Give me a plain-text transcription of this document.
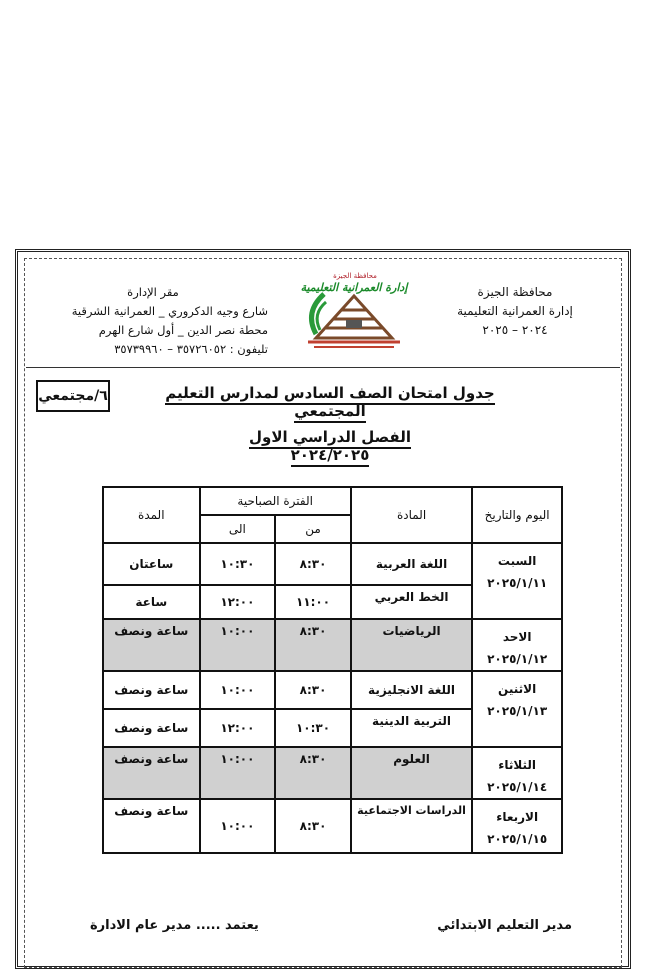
محافظة الجيزة
إدارة العمرانية التعليمية
٢٠٢٤ – ٢٠٢٥
مقر الإدارة
شارع وجيه الدكروري _ العمرانية الشرقية
محطة نصر الدين _ أول شارع الهرم
تليفون : ٣٥٧٢٦٠٥٢ – ٣٥٧٣٩٩٦٠
محافظة الجيزة
إدارة العمرانية التعليمية
٦/مجتمعي	جدول امتحان الصف السادس لمدارس التعليم المجتمعي
الفصل الدراسي الاول ٢٠٢٤/٢٠٢٥
اليوم والتاريخ	المادة	الفترة الصباحية		المدة
		من	الى	

السبت
٢٠٢٥/١/١١	اللغة العربية	٨:٣٠	١٠:٣٠	ساعتان
	الخط العربي	١١:٠٠	١٢:٠٠	ساعة

الاحد
٢٠٢٥/١/١٢	الرياضيات	٨:٣٠	١٠:٠٠	ساعة ونصف

الاثنين
٢٠٢٥/١/١٣	اللغة الانجليزية	٨:٣٠	١٠:٠٠	ساعة ونصف
	التربية الدينية	١٠:٣٠	١٢:٠٠	ساعة ونصف

الثلاثاء
٢٠٢٥/١/١٤	العلوم	٨:٣٠	١٠:٠٠	ساعة ونصف

الاربعاء
٢٠٢٥/١/١٥	الدراسات الاجتماعية	٨:٣٠	١٠:٠٠	ساعة ونصف
مدير التعليم الابتدائي
يعتمد ..... مدير عام الادارة
